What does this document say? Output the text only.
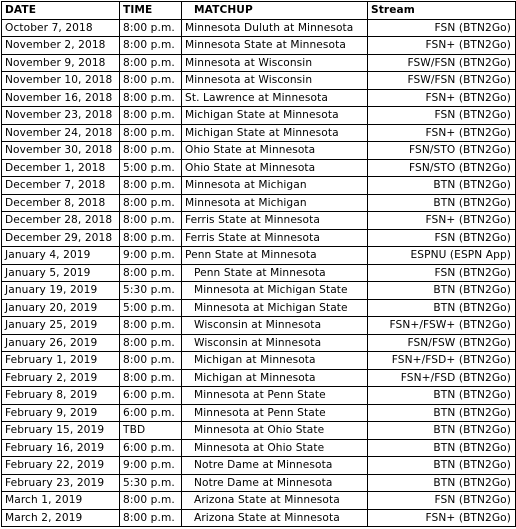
DATE	TIME	MATCHUP	Stream
October 7, 2018	8:00 p.m.	Minnesota Duluth at Minnesota	FSN (BTN2Go)
November 2, 2018	8:00 p.m.	Minnesota State at Minnesota	FSN+ (BTN2Go)
November 9, 2018	8:00 p.m.	Minnesota at Wisconsin	FSW/FSN (BTN2Go)
November 10, 2018	8:00 p.m.	Minnesota at Wisconsin	FSW/FSN (BTN2Go)
November 16, 2018	8:00 p.m.	St. Lawrence at Minnesota	FSN+ (BTN2Go)
November 23, 2018	8:00 p.m.	Michigan State at Minnesota	FSN (BTN2Go)
November 24, 2018	8:00 p.m.	Michigan State at Minnesota	FSN+ (BTN2Go)
November 30, 2018	8:00 p.m.	Ohio State at Minnesota	FSN/STO (BTN2Go)
December 1, 2018	5:00 p.m.	Ohio State at Minnesota	FSN/STO (BTN2Go)
December 7, 2018	8:00 p.m.	Minnesota at Michigan	BTN (BTN2Go)
December 8, 2018	8:00 p.m.	Minnesota at Michigan	BTN (BTN2Go)
December 28, 2018	8:00 p.m.	Ferris State at Minnesota	FSN+ (BTN2Go)
December 29, 2018	8:00 p.m.	Ferris State at Minnesota	FSN (BTN2Go)
January 4, 2019	9:00 p.m.	Penn State at Minnesota	ESPNU (ESPN App)
January 5, 2019	8:00 p.m.	Penn State at Minnesota	FSN (BTN2Go)
January 19, 2019	5:30 p.m.	Minnesota at Michigan State	BTN (BTN2Go)
January 20, 2019	5:00 p.m.	Minnesota at Michigan State	BTN (BTN2Go)
January 25, 2019	8:00 p.m.	Wisconsin at Minnesota	FSN+/FSW+ (BTN2Go)
January 26, 2019	8:00 p.m.	Wisconsin at Minnesota	FSN/FSW (BTN2Go)
February 1, 2019	8:00 p.m.	Michigan at Minnesota	FSN+/FSD+ (BTN2Go)
February 2, 2019	8:00 p.m.	Michigan at Minnesota	FSN+/FSD (BTN2Go)
February 8, 2019	6:00 p.m.	Minnesota at Penn State	BTN (BTN2Go)
February 9, 2019	6:00 p.m.	Minnesota at Penn State	BTN (BTN2Go)
February 15, 2019	TBD	Minnesota at Ohio State	BTN (BTN2Go)
February 16, 2019	6:00 p.m.	Minnesota at Ohio State	BTN (BTN2Go)
February 22, 2019	9:00 p.m.	Notre Dame at Minnesota	BTN (BTN2Go)
February 23, 2019	5:30 p.m.	Notre Dame at Minnesota	BTN (BTN2Go)
March 1, 2019	8:00 p.m.	Arizona State at Minnesota	FSN (BTN2Go)
March 2, 2019	8:00 p.m.	Arizona State at Minnesota	FSN+ (BTN2Go)
